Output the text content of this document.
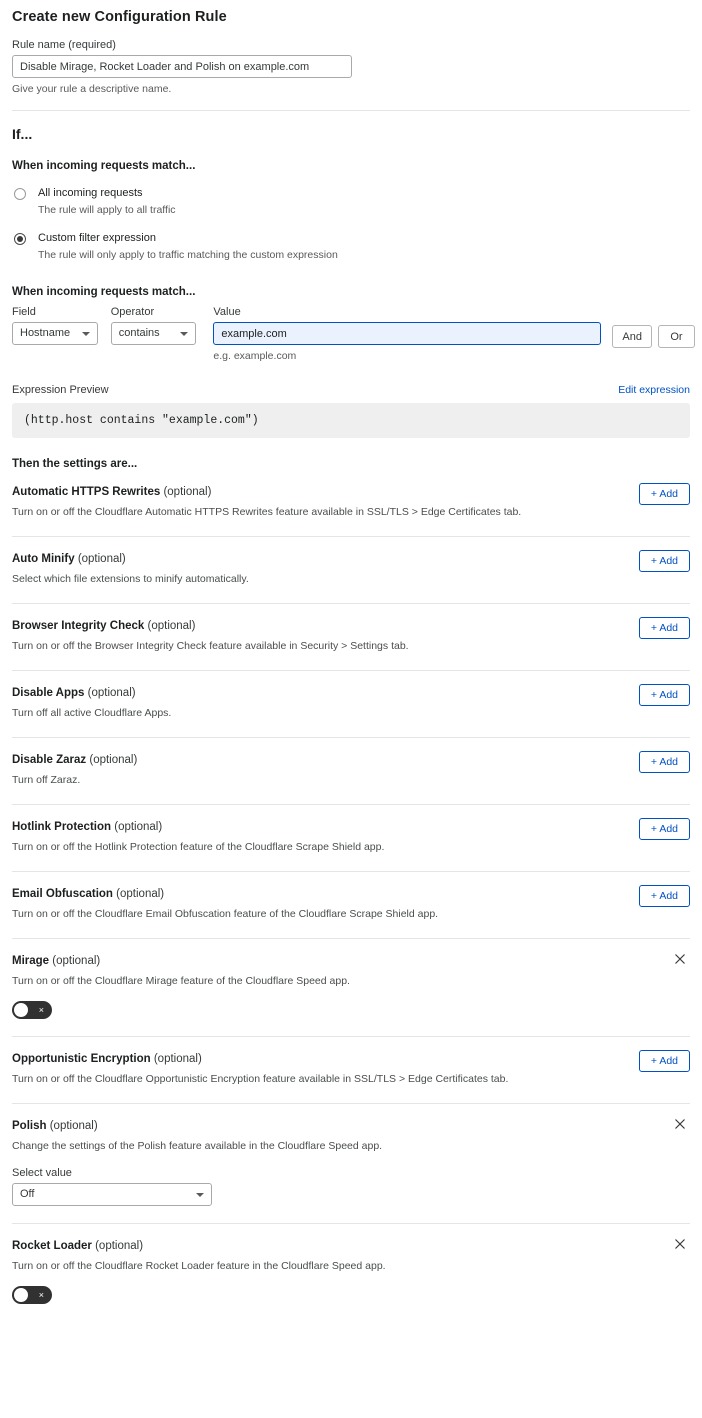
Create new Configuration Rule
Rule name (required)
Disable Mirage, Rocket Loader and Polish on example.com
Give your rule a descriptive name.
If...
When incoming requests match...
All incoming requests
The rule will apply to all traffic
Custom filter expression
The rule will only apply to traffic matching the custom expression
When incoming requests match...
Field
Hostname
Operator
contains
Value
example.com
e.g. example.com
And	Or
Expression Preview	Edit expression
(http.host contains "example.com")
Then the settings are...
Automatic HTTPS Rewrites (optional)
Turn on or off the Cloudflare Automatic HTTPS Rewrites feature available in SSL/TLS > Edge Certificates tab.
+ Add
Auto Minify (optional)
Select which file extensions to minify automatically.
+ Add
Browser Integrity Check (optional)
Turn on or off the Browser Integrity Check feature available in Security > Settings tab.
+ Add
Disable Apps (optional)
Turn off all active Cloudflare Apps.
+ Add
Disable Zaraz (optional)
Turn off Zaraz.
+ Add
Hotlink Protection (optional)
Turn on or off the Hotlink Protection feature of the Cloudflare Scrape Shield app.
+ Add
Email Obfuscation (optional)
Turn on or off the Cloudflare Email Obfuscation feature of the Cloudflare Scrape Shield app.
+ Add
Mirage (optional)
Turn on or off the Cloudflare Mirage feature of the Cloudflare Speed app.
×
Opportunistic Encryption (optional)
Turn on or off the Cloudflare Opportunistic Encryption feature available in SSL/TLS > Edge Certificates tab.
+ Add
Polish (optional)
Change the settings of the Polish feature available in the Cloudflare Speed app.
Select value
Off
Rocket Loader (optional)
Turn on or off the Cloudflare Rocket Loader feature in the Cloudflare Speed app.
×
